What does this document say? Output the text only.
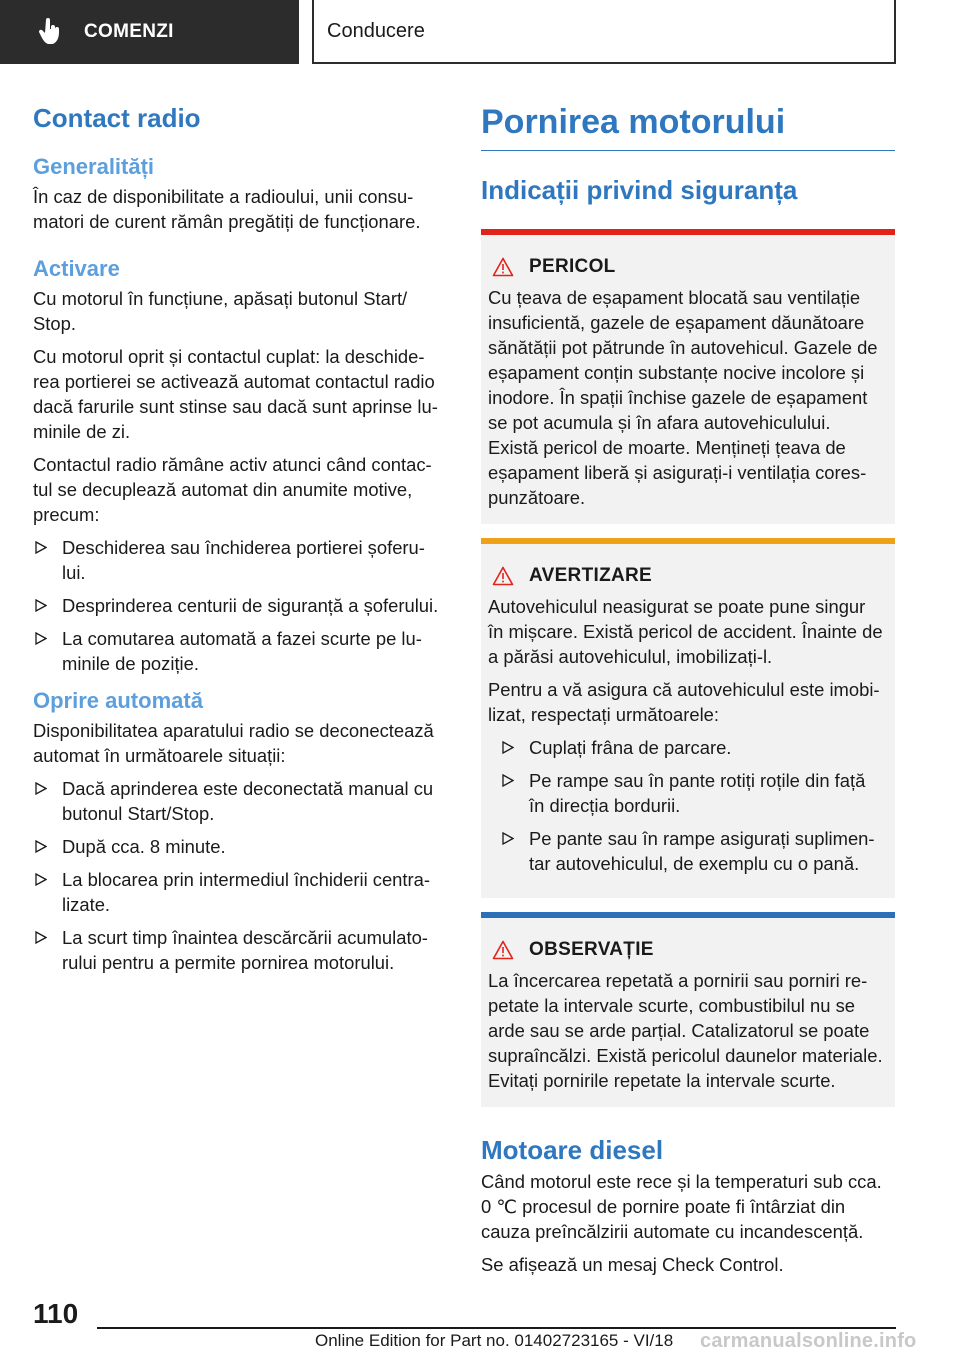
COMENZI	Conducere
Contact radio
Generalități

În caz de disponibilitate a radioului, unii consu-
matori de curent rămân pregătiți de funcționare.

Activare

Cu motorul în funcțiune, apăsați butonul Start/
Stop.

Cu motorul oprit și contactul cuplat: la deschide-
rea portierei se activează automat contactul radio
dacă farurile sunt stinse sau dacă sunt aprinse lu-
minile de zi.

Contactul radio rămâne activ atunci când contac-
tul se decuplează automat din anumite motive,
precum:

Deschiderea sau închiderea portierei șoferu-
lui.
Desprinderea centurii de siguranță a șoferului.
La comutarea automată a fazei scurte pe lu-
minile de poziție.
Oprire automată

Disponibilitatea aparatului radio se deconectează
automat în următoarele situații:

Dacă aprinderea este deconectată manual cu
butonul Start/Stop.
După cca. 8 minute.
La blocarea prin intermediul închiderii centra-
lizate.
La scurt timp înaintea descărcării acumulato-
rului pentru a permite pornirea motorului.
Pornirea motorului
Indicații privind siguranța
PERICOL

Cu țeava de eșapament blocată sau ventilație
insuficientă, gazele de eșapament dăunătoare
sănătății pot pătrunde în autovehicul. Gazele de
eșapament conțin substanțe nocive incolore și
inodore. În spații închise gazele de eșapament
se pot acumula și în afara autovehiculului.
Există pericol de moarte. Mențineți țeava de
eșapament liberă și asigurați-i ventilația cores-
punzătoare.

AVERTIZARE

Autovehiculul neasigurat se poate pune singur
în mișcare. Există pericol de accident. Înainte de
a părăsi autovehiculul, imobilizați-l.

Pentru a vă asigura că autovehiculul este imobi-
lizat, respectați următoarele:

Cuplați frâna de parcare.
Pe rampe sau în pante rotiți roțile din față
în direcția bordurii.
Pe pante sau în rampe asigurați suplimen-
tar autovehiculul, de exemplu cu o pană.
OBSERVAȚIE

La încercarea repetată a pornirii sau porniri re-
petate la intervale scurte, combustibilul nu se
arde sau se arde parțial. Catalizatorul se poate
supraîncălzi. Există pericolul daunelor materiale.
Evitați pornirile repetate la intervale scurte.

Motoare diesel

Când motorul este rece și la temperaturi sub cca.
0 ℃ procesul de pornire poate fi întârziat din
cauza preîncălzirii automate cu incandescență.

Se afișează un mesaj Check Control.

110
Online Edition for Part no. 01402723165 - VI/18 carmanualsonline.info
